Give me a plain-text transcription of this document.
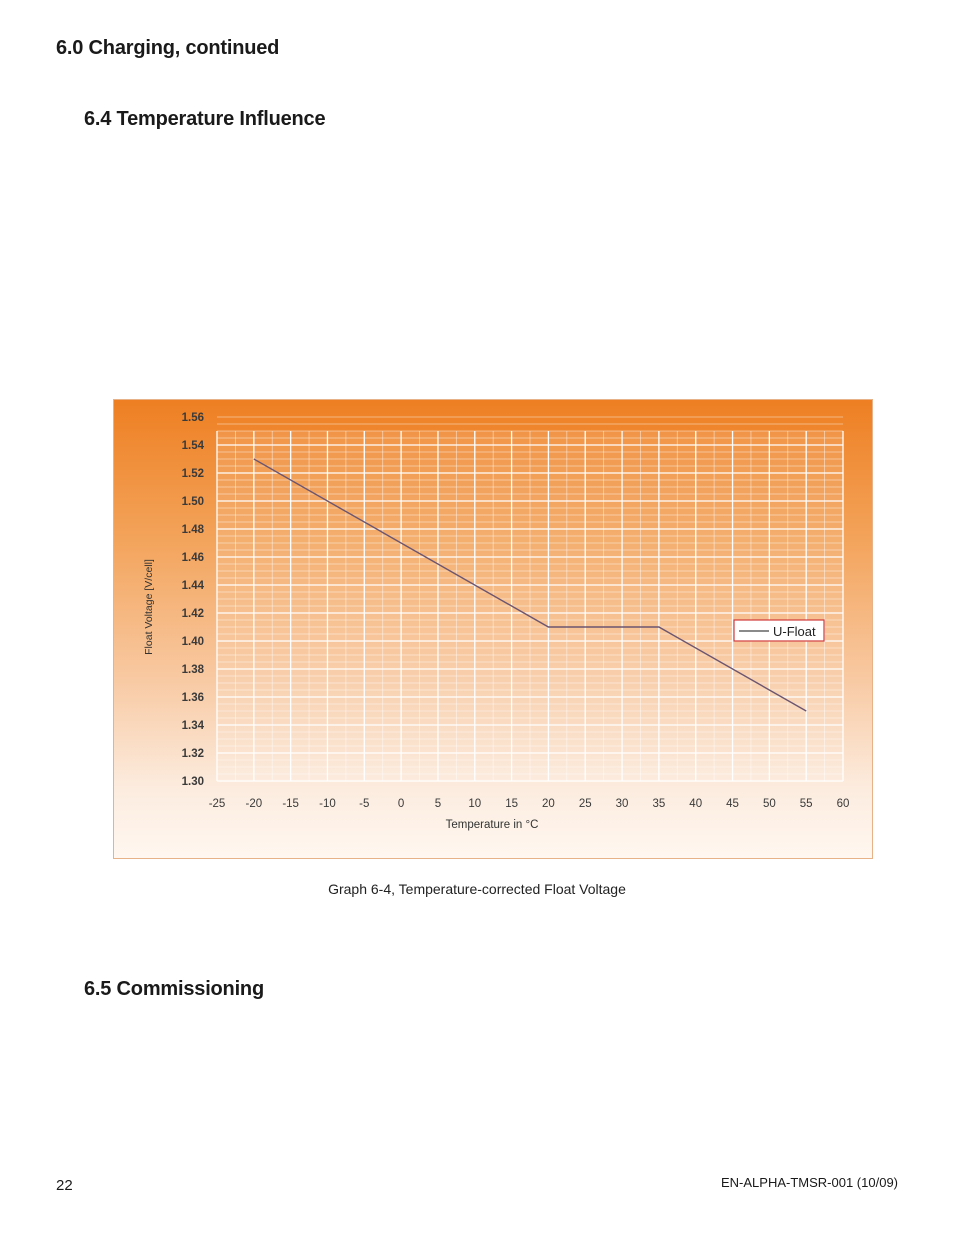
6.0 Charging, continued
6.4 Temperature Influence
1.30
1.32
1.34
1.36
1.38
1.40
1.42
1.44
1.46
1.48
1.50
1.52
1.54
1.56
-25 -20 -15 -10 -5 0	5 10 15 20 25 30 35 40 45 50 55 60
Temperature in °C
Float Voltage [V/cell]	U-Float
Graph 6-4, Temperature-corrected Float Voltage
6.5 Commissioning
22	EN-ALPHA-TMSR-001 (10/09)
